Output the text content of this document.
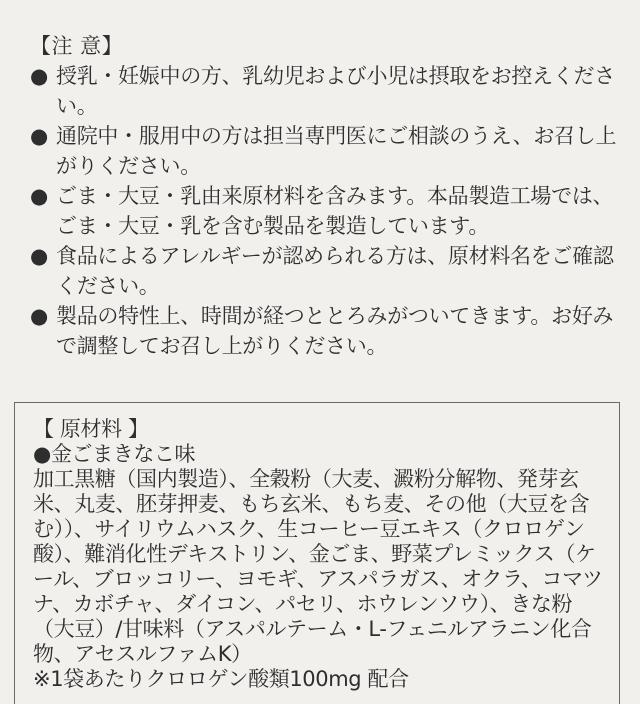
【注 意】
● 授乳・妊娠中の方、乳幼児および小児は摂取をお控えください。
● 通院中・服用中の方は担当専門医にご相談のうえ、お召し上がりください。
● ごま・大豆・乳由来原材料を含みます。本品製造工場では、ごま・大豆・乳を含む製品を製造しています。
● 食品によるアレルギーが認められる方は、原材料名をご確認ください。
● 製品の特性上、時間が経つととろみがついてきます。お好みで調整してお召し上がりください。
【 原材料 】

●金ごまきなこ味

加工黒糖（国内製造）、全穀粉（大麦、澱粉分解物、発芽玄米、丸麦、胚芽押麦、もち玄米、もち麦、その他（大豆を含む））、サイリウムハスク、生コーヒー豆エキス（クロロゲン酸）、難消化性デキストリン、金ごま、野菜プレミックス（ケール、ブロッコリー、ヨモギ、アスパラガス、オクラ、コマツナ、カボチャ、ダイコン、パセリ、ホウレンソウ）、きな粉（大豆）/甘味料（アスパルテーム・L-フェニルアラニン化合物、アセスルファムK）

※1袋あたりクロロゲン酸類100mg 配合
